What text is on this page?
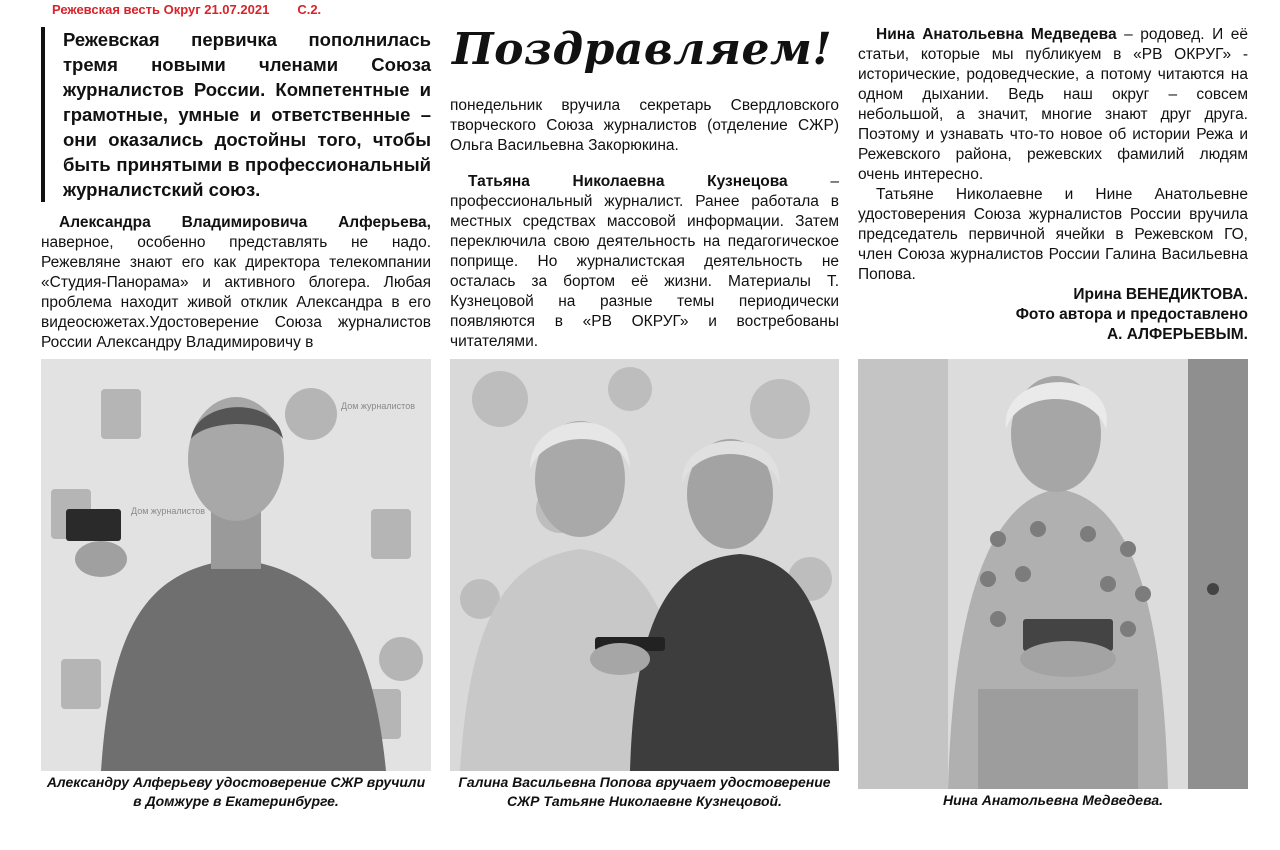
Режевская весть Округ 21.07.2021 С.2.
Режевская первичка пополнилась тремя новыми членами Союза журналистов России. Компетентные и грамотные, умные и ответственные – они оказались достойны того, чтобы быть принятыми в профессиональный журналистский союз.
Поздравляем!

Александра Владимировича Алферьева, наверное, особенно представлять не надо. Режевляне знают его как директора телекомпании «Студия-Панорама» и активного блогера. Любая проблема находит живой отклик Александра в его видеосюжетах.Удостоверение Союза журналистов России Александру Владимировичу в

понедельник вручила секретарь Свердловского творческого Союза журналистов (отделение СЖР) Ольга Васильевна Закорюкина.

Татьяна Николаевна Кузнецова – профессиональный журналист. Ранее работала в местных средствах массовой информации. Затем переключила свою деятельность на педагогическое поприще. Но журналистская деятельность не осталась за бортом её жизни. Материалы Т. Кузнецовой на разные темы периодически появляются в «РВ ОКРУГ» и востребованы читателями.

Нина Анатольевна Медведева – родовед. И её статьи, которые мы публикуем в «РВ ОКРУГ» - исторические, родоведческие, а потому читаются на одном дыхании. Ведь наш округ – совсем небольшой, а значит, многие знают друг друга. Поэтому и узнавать что-то новое об истории Режа и Режевского района, режевских фамилий людям очень интересно.

Татьяне Николаевне и Нине Анатольевне удостоверения Союза журналистов России вручила председатель первичной ячейки в Режевском ГО, член Союза журналистов России Галина Васильевна Попова.

Ирина ВЕНЕДИКТОВА.

Фото автора и предоставлено

А. АЛФЕРЬЕВЫМ.

Дом журналистов
Дом журналистов
Александру Алферьеву удостоверение СЖР вручили в Домжуре в Екатеринбурге.
Галина Васильевна Попова вручает удостоверение СЖР Татьяне Николаевне Кузнецовой.	Нина Анатольевна Медведева.
